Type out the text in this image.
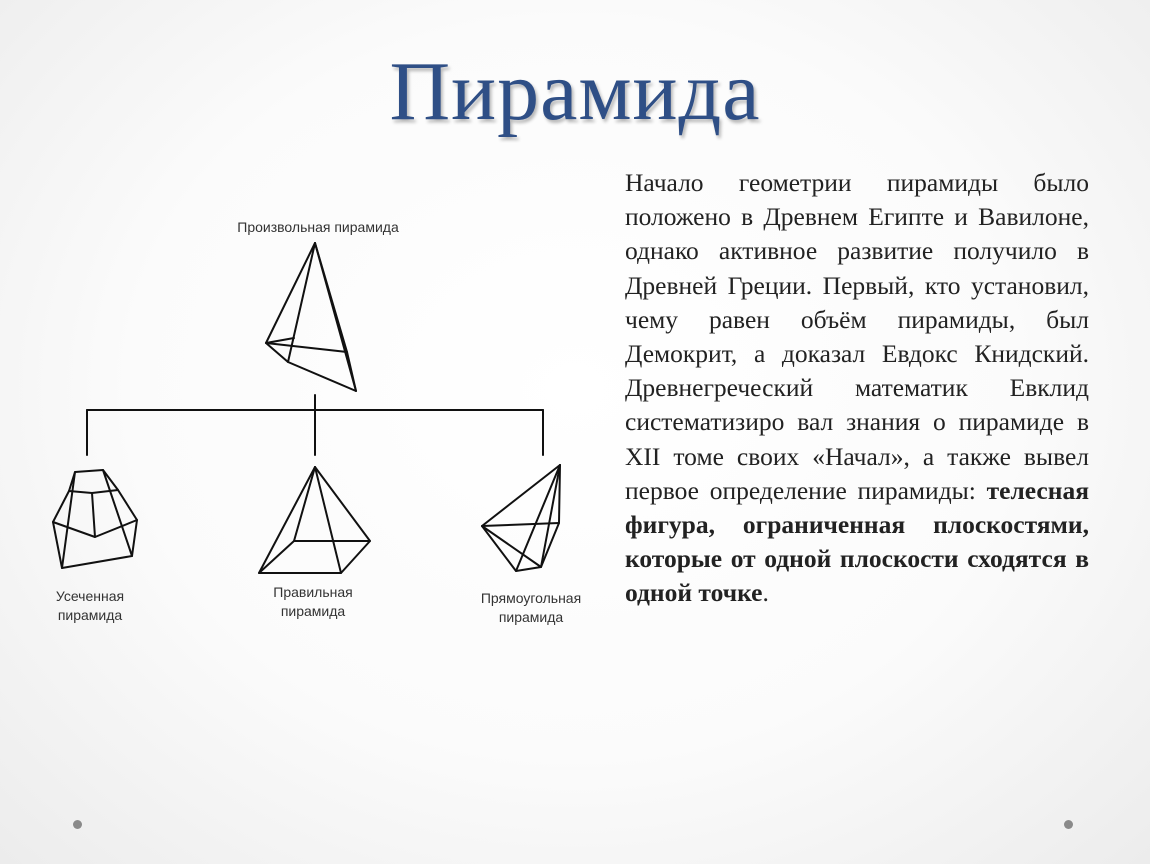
Пирамида
Произвольная пирамида
Усеченная
пирамида
Правильная
пирамида
Прямоугольная
пирамида
Начало геометрии пирамиды было положено в Древнем Египте и Вавилоне, однако активное развитие получило в Древней Греции. Первый, кто установил, чему равен объём пирамиды, был Демокрит, а доказал Евдокс Книдский. Древнегреческий математик Евклид систематизиро вал знания о пирамиде в XII томе своих «Начал», а также вывел первое определение пирамиды: телесная фигура, ограниченная плоскостями, которые от одной плоскости сходятся в одной точке.
